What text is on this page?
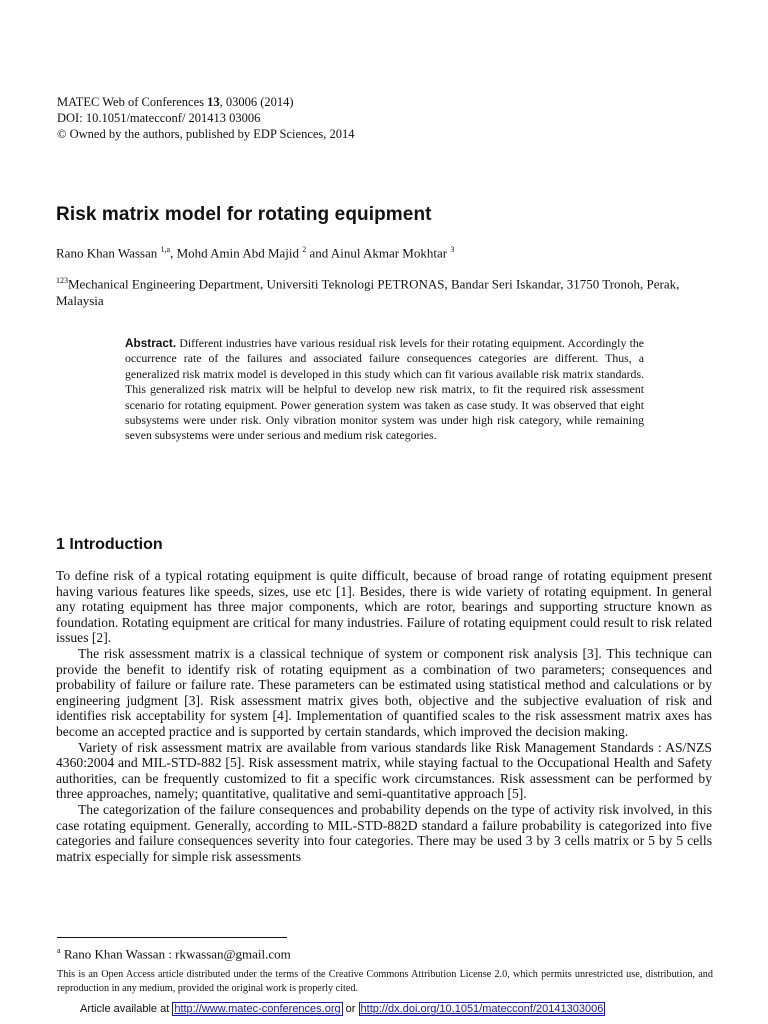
MATEC Web of Conferences 13, 03006 (2014)
DOI: 10.1051/matecconf/ 201413 03006
© Owned by the authors, published by EDP Sciences, 2014
Risk matrix model for rotating equipment
Rano Khan Wassan $^{1,a}$, Mohd Amin Abd Majid $^2$ and Ainul Akmar Mokhtar $^3$
$^{123}$Mechanical Engineering Department, Universiti Teknologi PETRONAS, Bandar Seri Iskandar, 31750 Tronoh, Perak, Malaysia

Abstract. Different industries have various residual risk levels for their rotating equipment. Accordingly the occurrence rate of the failures and associated failure consequences categories are different. Thus, a generalized risk matrix model is developed in this study which can fit various available risk matrix standards. This generalized risk matrix will be helpful to develop new risk matrix, to fit the required risk assessment scenario for rotating equipment. Power generation system was taken as case study. It was observed that eight subsystems were under risk. Only vibration monitor system was under high risk category, while remaining seven subsystems were under serious and medium risk categories.

1 Introduction

To define risk of a typical rotating equipment is quite difficult, because of broad range of rotating equipment present having various features like speeds, sizes, use etc [1]. Besides, there is wide variety of rotating equipment. In general any rotating equipment has three major components, which are rotor, bearings and supporting structure known as foundation. Rotating equipment are critical for many industries. Failure of rotating equipment could result to risk related issues [2].

The risk assessment matrix is a classical technique of system or component risk analysis [3]. This technique can provide the benefit to identify risk of rotating equipment as a combination of two parameters; consequences and probability of failure or failure rate. These parameters can be estimated using statistical method and calculations or by engineering judgment [3]. Risk assessment matrix gives both, objective and the subjective evaluation of risk and identifies risk acceptability for system [4]. Implementation of quantified scales to the risk assessment matrix axes has become an accepted practice and is supported by certain standards, which improved the decision making.

Variety of risk assessment matrix are available from various standards like Risk Management Standards : AS/NZS 4360:2004 and MIL-STD-882 [5]. Risk assessment matrix, while staying factual to the Occupational Health and Safety authorities, can be frequently customized to fit a specific work circumstances. Risk assessment can be performed by three approaches, namely; quantitative, qualitative and semi-quantitative approach [5].

The categorization of the failure consequences and probability depends on the type of activity risk involved, in this case rotating equipment. Generally, according to MIL-STD-882D standard a failure probability is categorized into five categories and failure consequences severity into four categories. There may be used 3 by 3 cells matrix or 5 by 5 cells matrix especially for simple risk assessments

$^a$ Rano Khan Wassan : rkwassan@gmail.com
This is an Open Access article distributed under the terms of the Creative Commons Attribution License 2.0, which permits unrestricted use, distribution, and reproduction in any medium, provided the original work is properly cited.
Article available at http://www.matec-conferences.org or http://dx.doi.org/10.1051/matecconf/20141303006
